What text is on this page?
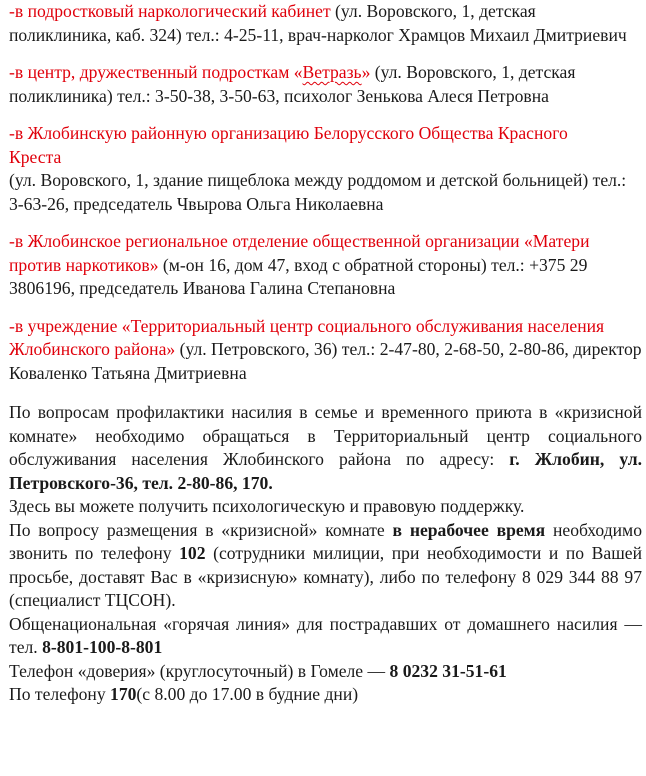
-в подростковый наркологический кабинет (ул. Воровского, 1, детская поликлиника, каб. 324) тел.: 4-25-11, врач-нарколог Храмцов Михаил Дмитриевич

-в центр, дружественный подросткам «Ветразь» (ул. Воровского, 1, детская поликлиника) тел.: 3-50-38, 3-50-63, психолог Зенькова Алеся Петровна

-в Жлобинскую районную организацию Белорусского Общества Красного Креста
(ул. Воровского, 1, здание пищеблока между роддомом и детской больницей) тел.: 3-63-26, председатель Чвырова Ольга Николаевна

-в Жлобинское региональное отделение общественной организации «Матери против наркотиков» (м-он 16, дом 47, вход с обратной стороны) тел.: +375 29 3806196, председатель Иванова Галина Степановна

-в учреждение «Территориальный центр социального обслуживания населения Жлобинского района» (ул. Петровского, 36) тел.: 2-47-80, 2-68-50, 2-80-86, директор Коваленко Татьяна Дмитриевна

По вопросам профилактики насилия в семье и временного приюта в «кризисной комнате» необходимо обращаться в Территориальный центр социального обслуживания населения Жлобинского района по адресу: г. Жлобин, ул. Петровского-36, тел. 2-80-86, 170.
Здесь вы можете получить психологическую и правовую поддержку.
По вопросу размещения в «кризисной» комнате в нерабочее время необходимо звонить по телефону 102 (сотрудники милиции, при необходимости и по Вашей просьбе, доставят Вас в «кризисную» комнату), либо по телефону 8 029 344 88 97 (специалист ТЦСОН).
Общенациональная «горячая линия» для пострадавших от домашнего насилия — тел. 8-801-100-8-801
Телефон «доверия» (круглосуточный) в Гомеле — 8 0232 31-51-61
По телефону 170(с 8.00 до 17.00 в будние дни)
